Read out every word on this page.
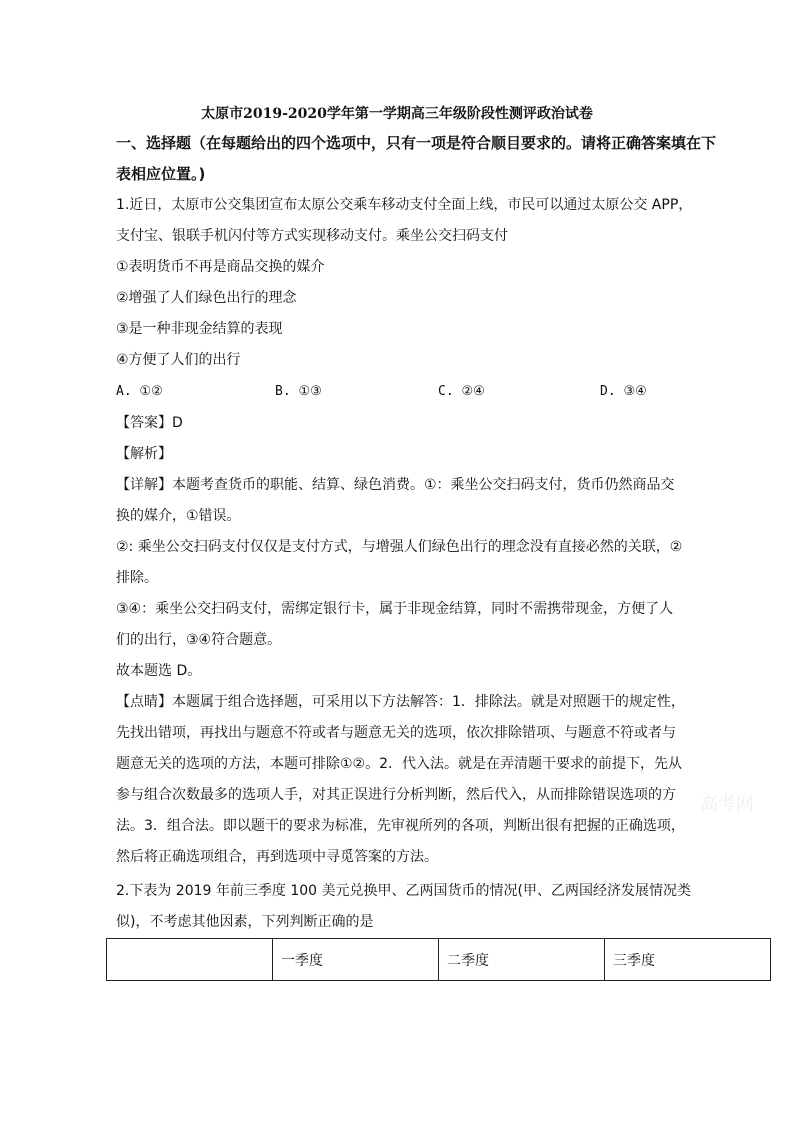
太原市2019-2020学年第一学期高三年级阶段性测评政治试卷
一、选择题（在每题给出的四个选项中，只有一项是符合顺目要求的。请将正确答案填在下
表相应位置。)
1.近日，太原市公交集团宣布太原公交乘车移动支付全面上线，市民可以通过太原公交 APP，
支付宝、银联手机闪付等方式实现移动支付。乘坐公交扫码支付
①表明货币不再是商品交换的媒介
②增强了人们绿色出行的理念
③是一种非现金结算的表现
④方便了人们的出行
A. ①②	B. ①③	C. ②④	D. ③④
【答案】D
【解析】
【详解】本题考查货币的职能、结算、绿色消费。①：乘坐公交扫码支付，货币仍然商品交
换的媒介，①错误。
②: 乘坐公交扫码支付仅仅是支付方式，与增强人们绿色出行的理念没有直接必然的关联，②
排除。
③④：乘坐公交扫码支付，需绑定银行卡，属于非现金结算，同时不需携带现金，方便了人
们的出行，③④符合题意。
故本题选 D。
【点睛】本题属于组合选择题，可采用以下方法解答：1．排除法。就是对照题干的规定性，
先找出错项，再找出与题意不符或者与题意无关的选项，依次排除错项、与题意不符或者与
题意无关的选项的方法，本题可排除①②。2．代入法。就是在弄清题干要求的前提下，先从
参与组合次数最多的选项人手，对其正误进行分析判断，然后代入，从而排除错误选项的方
法。3．组合法。即以题干的要求为标准，先审视所列的各项，判断出很有把握的正确选项，
然后将正确选项组合，再到选项中寻觅答案的方法。
高考网
2.下表为 2019 年前三季度 100 美元兑换甲、乙两国货币的情况(甲、乙两国经济发展情况类
似)，不考虑其他因素，下列判断正确的是
	一季度	二季度	三季度
